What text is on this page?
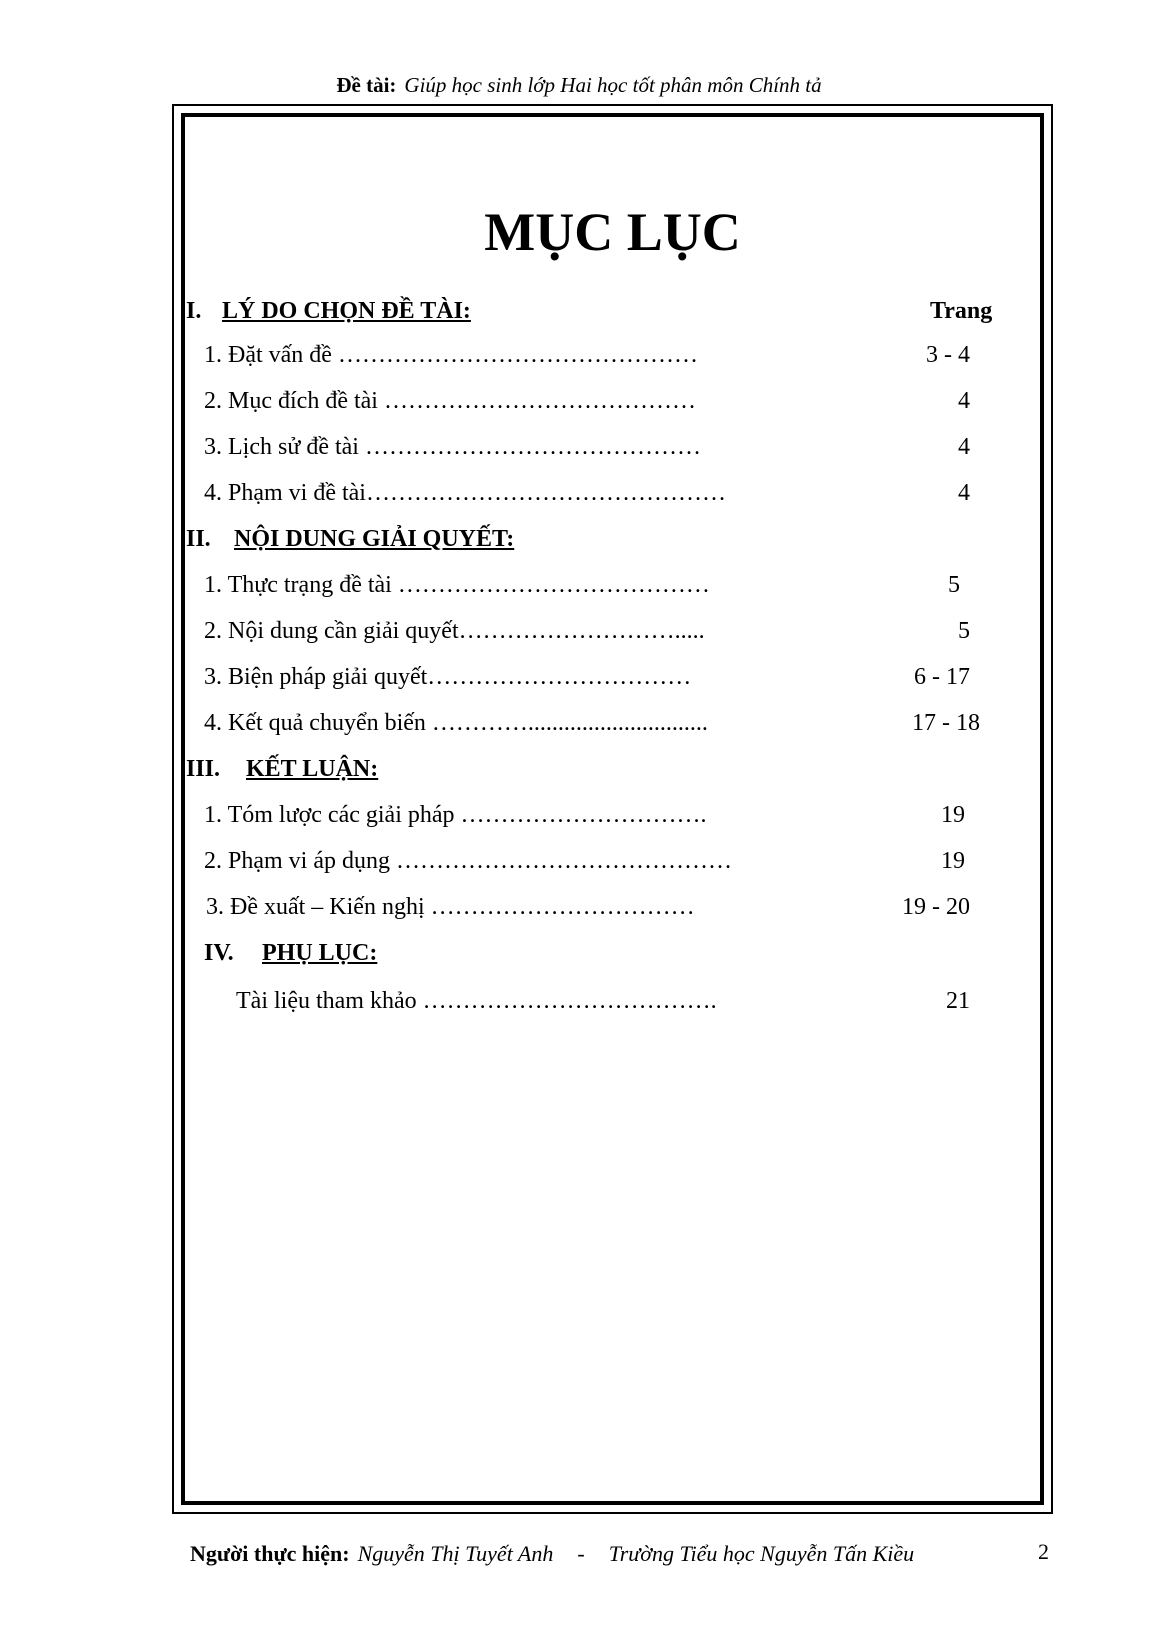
Đề tài: Giúp học sinh lớp Hai học tốt phân môn Chính tả
MỤC LỤC
Trang
I. LÝ DO CHỌN ĐỀ TÀI:
1. Đặt vấn đề ………………………………………	3 - 4
2. Mục đích đề tài …………………………………	4
3. Lịch sử đề tài ……………………………………	4
4. Phạm vi đề tài………………………………………	4
II. NỘI DUNG GIẢI QUYẾT:
1. Thực trạng đề tài …………………………………	5
2. Nội dung cần giải quyết……………………….....	5
3. Biện pháp giải quyết……………………………	6 - 17
4. Kết quả chuyển biến …………..............................	17 - 18
III. KẾT LUẬN:
1. Tóm lược các giải pháp ………………………….	19
2. Phạm vi áp dụng ……………………………………	19
3. Đề xuất – Kiến nghị ……………………………	19 - 20
IV. PHỤ LỤC:
Tài liệu tham khảo ……………………………….	21
Người thực hiện: Nguyễn Thị Tuyết Anh - Trường Tiểu học Nguyễn Tấn Kiều	2
